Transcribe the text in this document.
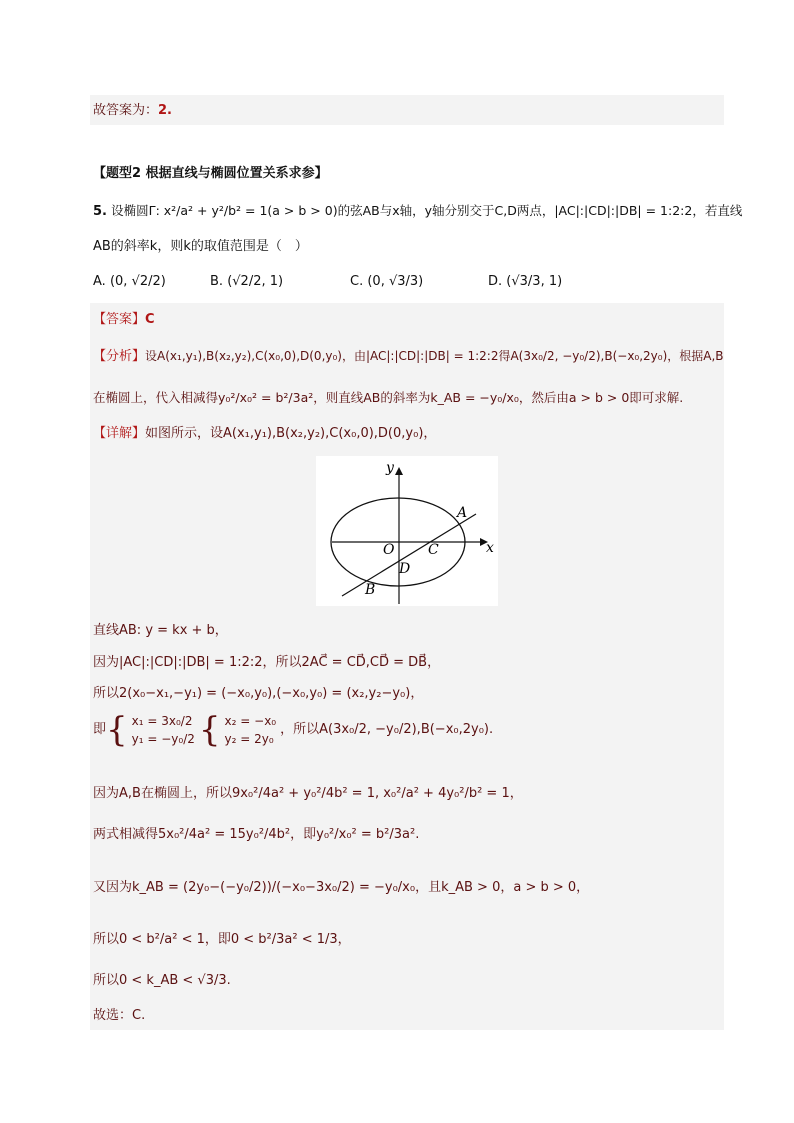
故答案为：2.
【题型2 根据直线与椭圆位置关系求参】
5. 设椭圆Γ: x²/a² + y²/b² = 1(a > b > 0)的弦AB与x轴，y轴分别交于C,D两点，|AC|:|CD|:|DB| = 1:2:2，若直线
AB的斜率k，则k的取值范围是（　）
A. (0, √2/2)	B. (√2/2, 1)	C. (0, √3/3)	D. (√3/3, 1)
【答案】C
【分析】设A(x₁,y₁),B(x₂,y₂),C(x₀,0),D(0,y₀)，由|AC|:|CD|:|DB| = 1:2:2得A(3x₀/2, −y₀/2),B(−x₀,2y₀)，根据A,B
在椭圆上，代入相减得y₀²/x₀² = b²/3a²，则直线AB的斜率为k_AB = −y₀/x₀，然后由a > b > 0即可求解.
【详解】如图所示，设A(x₁,y₁),B(x₂,y₂),C(x₀,0),D(0,y₀)，
y
x
A
B
C
D
O
直线AB: y = kx + b，
因为|AC|:|CD|:|DB| = 1:2:2，所以2AC⃗ = CD⃗,CD⃗ = DB⃗，
所以2(x₀−x₁,−y₁) = (−x₀,y₀),(−x₀,y₀) = (x₂,y₂−y₀)，
即{ x₁ = 3x₀/2
y₁ = −y₀/2 { x₂ = −x₀
y₂ = 2y₀
，所以A(3x₀/2, −y₀/2),B(−x₀,2y₀).
因为A,B在椭圆上，所以9x₀²/4a² + y₀²/4b² = 1, x₀²/a² + 4y₀²/b² = 1，
两式相减得5x₀²/4a² = 15y₀²/4b²，即y₀²/x₀² = b²/3a².
又因为k_AB = (2y₀−(−y₀/2))/(−x₀−3x₀/2) = −y₀/x₀，且k_AB > 0，a > b > 0，
所以0 < b²/a² < 1，即0 < b²/3a² < 1/3，
所以0 < k_AB < √3/3.
故选：C.
